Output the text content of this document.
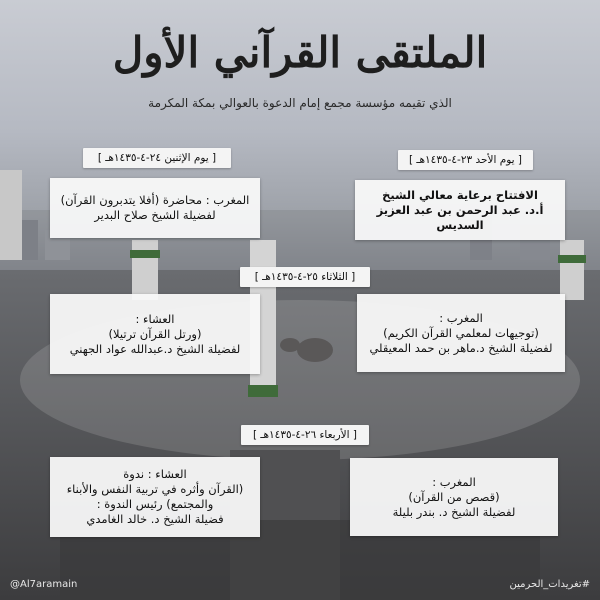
الملتقى القرآني الأول
الذي تقيمه مؤسسة مجمع إمام الدعوة بالعوالي بمكة المكرمة
[ يوم الأحد ٢٣-٤-١٤٣٥هـ ]
الافتتاح برعاية معالي الشيخ
أ.د. عبد الرحمن بن عبد العزيز السديس
المغرب :
(توجيهات لمعلمي القرآن الكريم)
لفضيلة الشيخ د.ماهر بن حمد المعيقلي
[ يوم الإثنين ٢٤-٤-١٤٣٥هـ ]
المغرب : محاضرة (أفلا يتدبرون القرآن)
لفضيلة الشيخ صلاح البدير
العشاء :
(ورتل القرآن ترتيلا)
لفضيلة الشيخ د.عبدالله عواد الجهني
[ الثلاثاء ٢٥-٤-١٤٣٥هـ ]
[ الأربعاء ٢٦-٤-١٤٣٥هـ ]
العشاء : ندوة
(القرآن وأثره في تربية النفس والأبناء
والمجتمع) رئيس الندوة :
فضيلة الشيخ د. خالد الغامدي
المغرب :
(قصص من القرآن)
لفضيلة الشيخ د. بندر بليلة
@Al7aramain	#تغريدات_الحرمين
